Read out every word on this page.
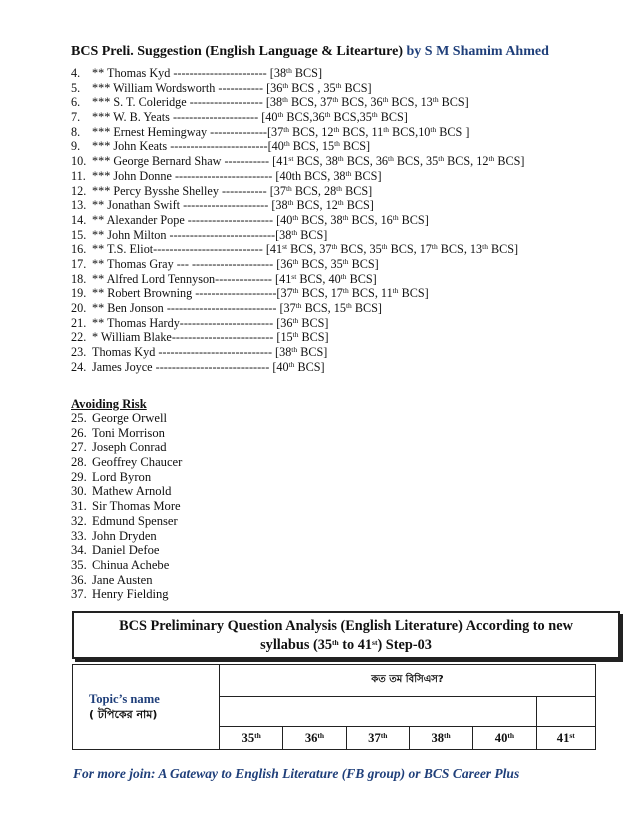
BCS Preli. Suggestion (English Language & Litearture) by S M Shamim Ahmed
4. ** Thomas Kyd ----------------------- [38th BCS]
5. *** William Wordsworth ----------- [36th BCS , 35th BCS]
6. *** S. T. Coleridge ------------------ [38th BCS, 37th BCS, 36th BCS, 13th BCS]
7. *** W. B. Yeats --------------------- [40th BCS,36th BCS,35th BCS]
8. *** Ernest Hemingway --------------[37th BCS, 12th BCS, 11th BCS,10th BCS ]
9. *** John Keats ------------------------[40th BCS, 15th BCS]
10. *** George Bernard Shaw ----------- [41st BCS, 38th BCS, 36th BCS, 35th BCS, 12th BCS]
11. *** John Donne ------------------------ [40th BCS, 38th BCS]
12. *** Percy Bysshe Shelley ----------- [37th BCS, 28th BCS]
13. ** Jonathan Swift --------------------- [38th BCS, 12th BCS]
14. ** Alexander Pope --------------------- [40th BCS, 38th BCS, 16th BCS]
15. ** John Milton --------------------------[38th BCS]
16. ** T.S. Eliot--------------------------- [41st BCS, 37th BCS, 35th BCS, 17th BCS, 13th BCS]
17. ** Thomas Gray --- -------------------- [36th BCS, 35th BCS]
18. ** Alfred Lord Tennyson-------------- [41st BCS, 40th BCS]
19. ** Robert Browning --------------------[37th BCS, 17th BCS, 11th BCS]
20. ** Ben Jonson --------------------------- [37th BCS, 15th BCS]
21. ** Thomas Hardy----------------------- [36th BCS]
22. * William Blake------------------------- [15th BCS]
23. Thomas Kyd ---------------------------- [38th BCS]
24. James Joyce ---------------------------- [40th BCS]
Avoiding Risk
25. George Orwell
26. Toni Morrison
27. Joseph Conrad
28. Geoffrey Chaucer
29. Lord Byron
30. Mathew Arnold
31. Sir Thomas More
32. Edmund Spenser
33. John Dryden
34. Daniel Defoe
35. Chinua Achebe
36. Jane Austen
37. Henry Fielding
BCS Preliminary Question Analysis (English Literature) According to new
syllabus (35th to 41st) Step-03
Topic’s name
( টপিকের নাম)	কত তম বিসিএস?					

	35th	36th	37th	38th	40th	41st
For more join: A Gateway to English Literature (FB group) or BCS Career Plus
